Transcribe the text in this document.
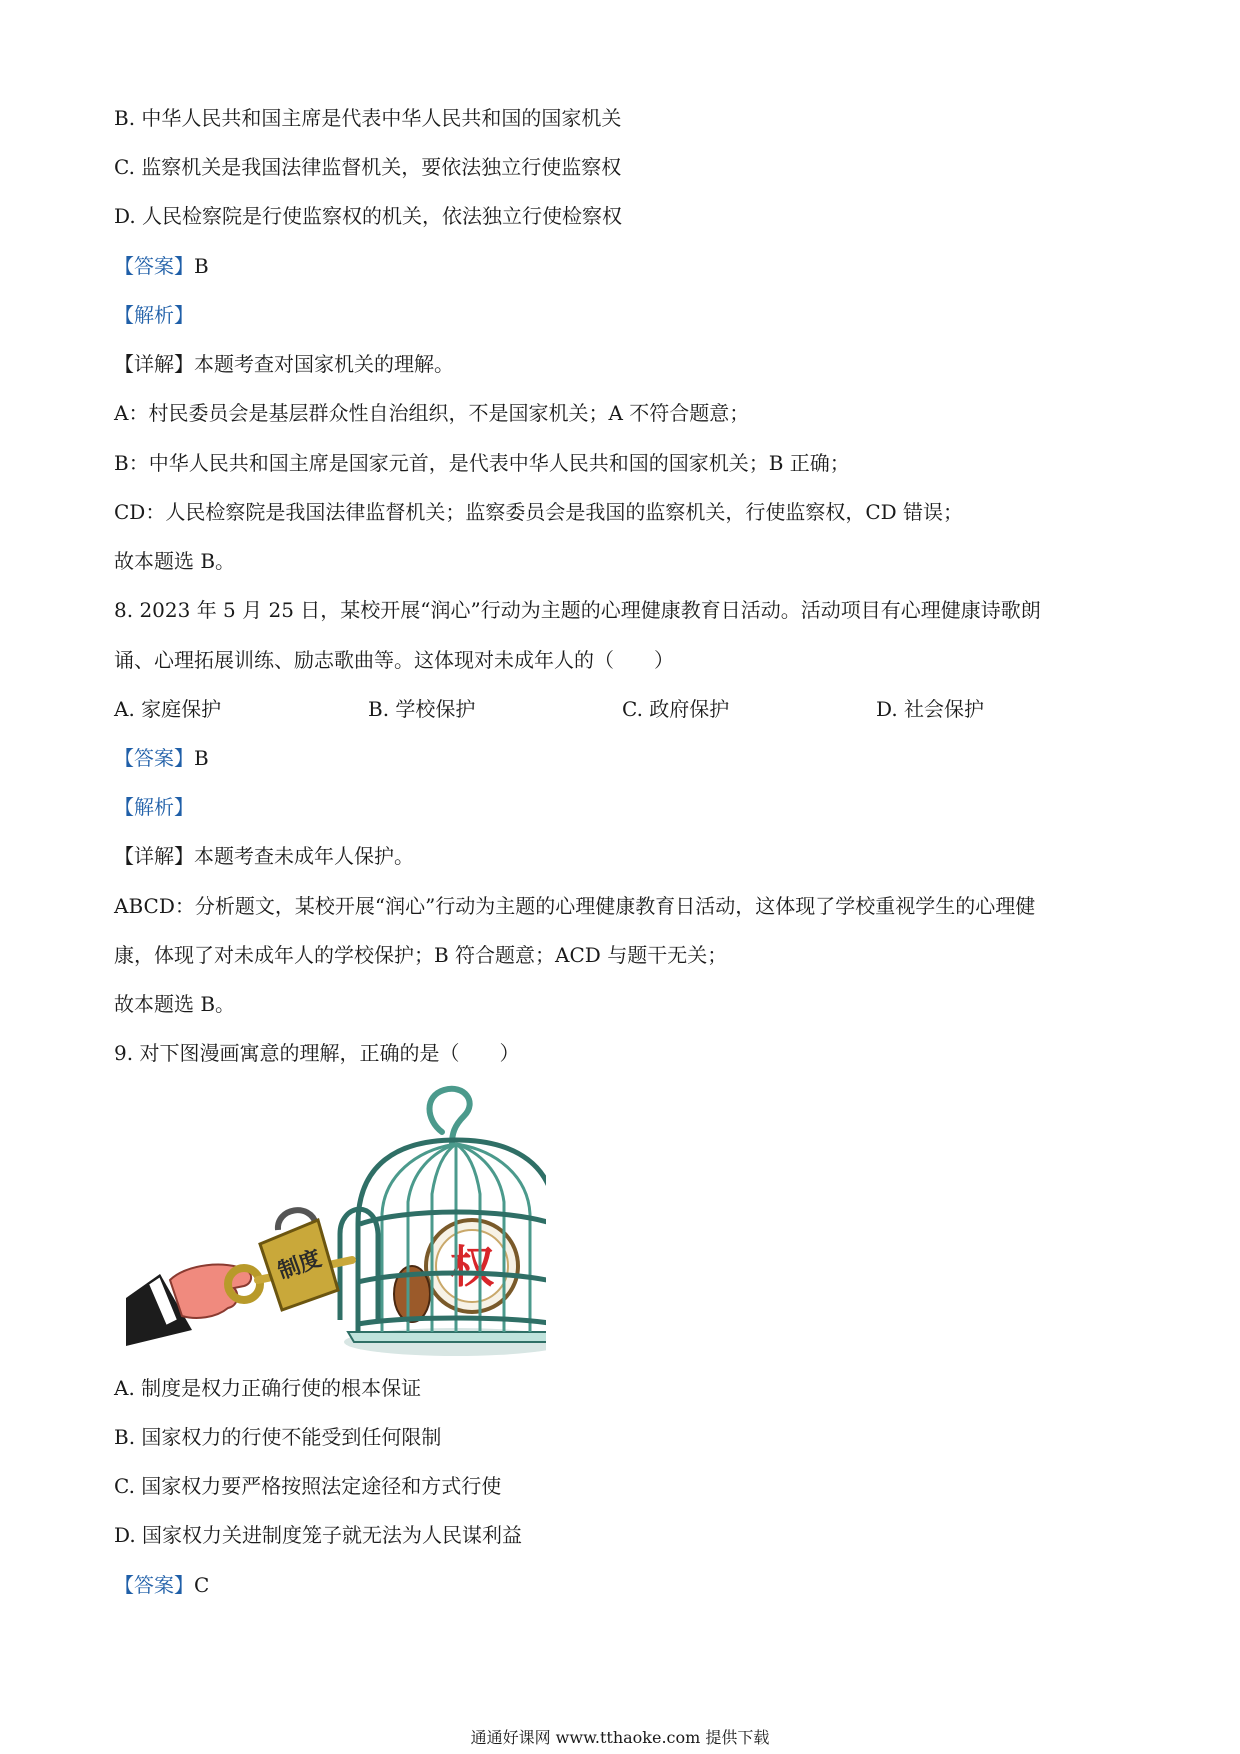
B. 中华人民共和国主席是代表中华人民共和国的国家机关
C. 监察机关是我国法律监督机关，要依法独立行使监察权
D. 人民检察院是行使监察权的机关，依法独立行使检察权
【答案】B
【解析】
【详解】本题考查对国家机关的理解。
A：村民委员会是基层群众性自治组织，不是国家机关；A 不符合题意；
B：中华人民共和国主席是国家元首，是代表中华人民共和国的国家机关；B 正确；
CD：人民检察院是我国法律监督机关；监察委员会是我国的监察机关，行使监察权，CD 错误；
故本题选 B。
8. 2023 年 5 月 25 日，某校开展“润心”行动为主题的心理健康教育日活动。活动项目有心理健康诗歌朗
诵、心理拓展训练、励志歌曲等。这体现对未成年人的（　　）
A. 家庭保护	B. 学校保护	C. 政府保护	D. 社会保护
【答案】B
【解析】
【详解】本题考查未成年人保护。
ABCD：分析题文，某校开展“润心”行动为主题的心理健康教育日活动，这体现了学校重视学生的心理健
康，体现了对未成年人的学校保护；B 符合题意；ACD 与题干无关；
故本题选 B。
9. 对下图漫画寓意的理解，正确的是（　　）
权
制度
A. 制度是权力正确行使的根本保证
B. 国家权力的行使不能受到任何限制
C. 国家权力要严格按照法定途径和方式行使
D. 国家权力关进制度笼子就无法为人民谋利益
【答案】C
通通好课网 www.tthaoke.com 提供下载
